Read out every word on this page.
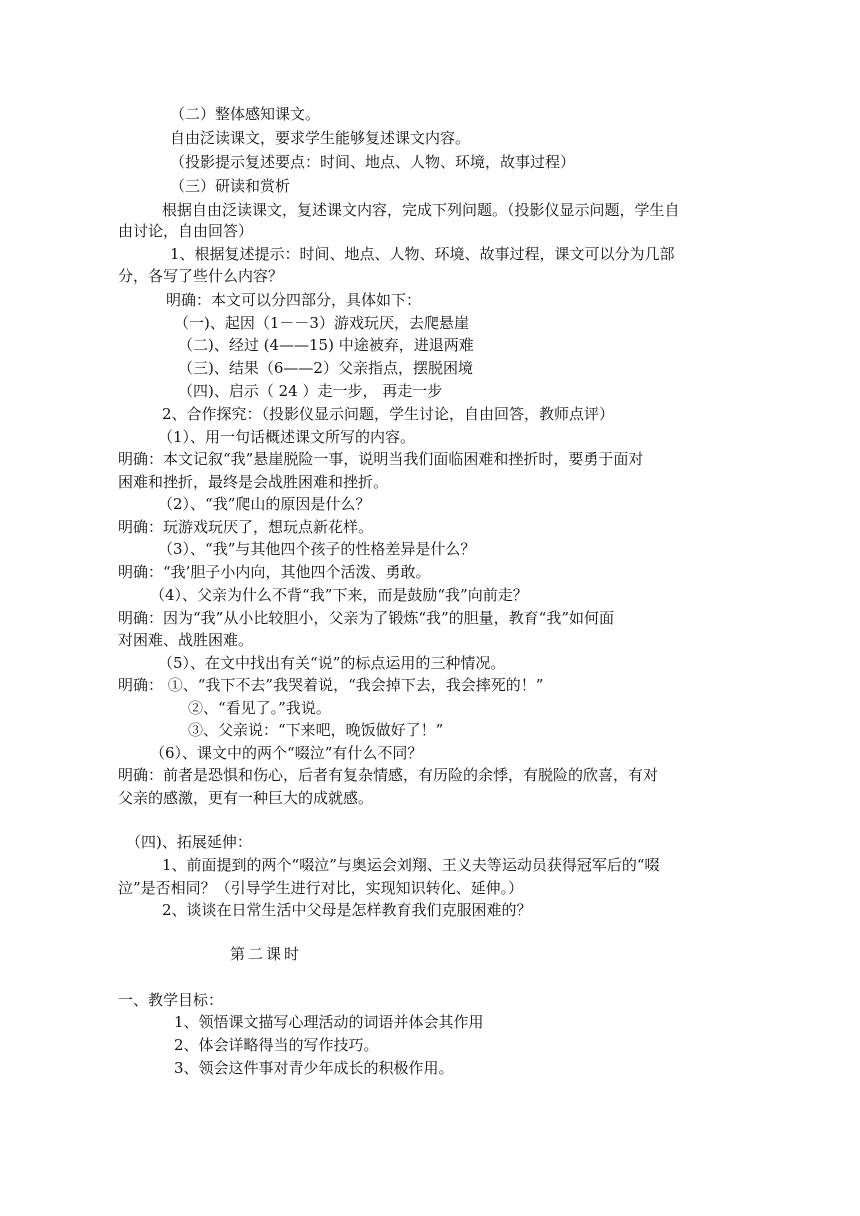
（二）整体感知课文。
自由泛读课文，要求学生能够复述课文内容。
（投影提示复述要点：时间、地点、人物、环境，故事过程）
（三）研读和赏析
根据自由泛读课文，复述课文内容，完成下列问题。（投影仪显示问题，学生自
由讨论，自由回答）
1、根据复述提示：时间、地点、人物、环境、故事过程，课文可以分为几部
分，各写了些什么内容？
明确：本文可以分四部分，具体如下：
（一)、起因（1－－3）游戏玩厌，去爬悬崖
（二)、经过 (4——15) 中途被弃，进退两难
（三)、结果（6——2）父亲指点，摆脱困境
（四)、启示（ 24 ）走一步， 再走一步
2、合作探究：（投影仪显示问题，学生讨论，自由回答，教师点评）
（1）、用一句话概述课文所写的内容。
明确：本文记叙“我”悬崖脱险一事，说明当我们面临困难和挫折时，要勇于面对
困难和挫折，最终是会战胜困难和挫折。
（2）、“我”爬山的原因是什么？
明确：玩游戏玩厌了，想玩点新花样。
（3）、“我”与其他四个孩子的性格差异是什么？
明确：“我’胆子小内向，其他四个活泼、勇敢。
（4）、父亲为什么不背“我”下来，而是鼓励“我”向前走？
明确：因为“我”从小比较胆小，父亲为了锻炼“我”的胆量，教育“我”如何面
对困难、战胜困难。
（5）、在文中找出有关“说”的标点运用的三种情况。
明确： ①、“我下不去”我哭着说，“我会掉下去，我会摔死的！”
②、“看见了。”我说。
③、父亲说：“下来吧，晚饭做好了！”
（6）、课文中的两个“啜泣”有什么不同？
明确：前者是恐惧和伤心，后者有复杂情感，有历险的余悸，有脱险的欣喜，有对
父亲的感激，更有一种巨大的成就感。
（四)、拓展延伸：
1、前面提到的两个“啜泣”与奥运会刘翔、王义夫等运动员获得冠军后的“啜
泣”是否相同？（引导学生进行对比，实现知识转化、延伸。）
2、谈谈在日常生活中父母是怎样教育我们克服困难的？
第二课时
一、教学目标：
1、领悟课文描写心理活动的词语并体会其作用
2、体会详略得当的写作技巧。
3、领会这件事对青少年成长的积极作用。
